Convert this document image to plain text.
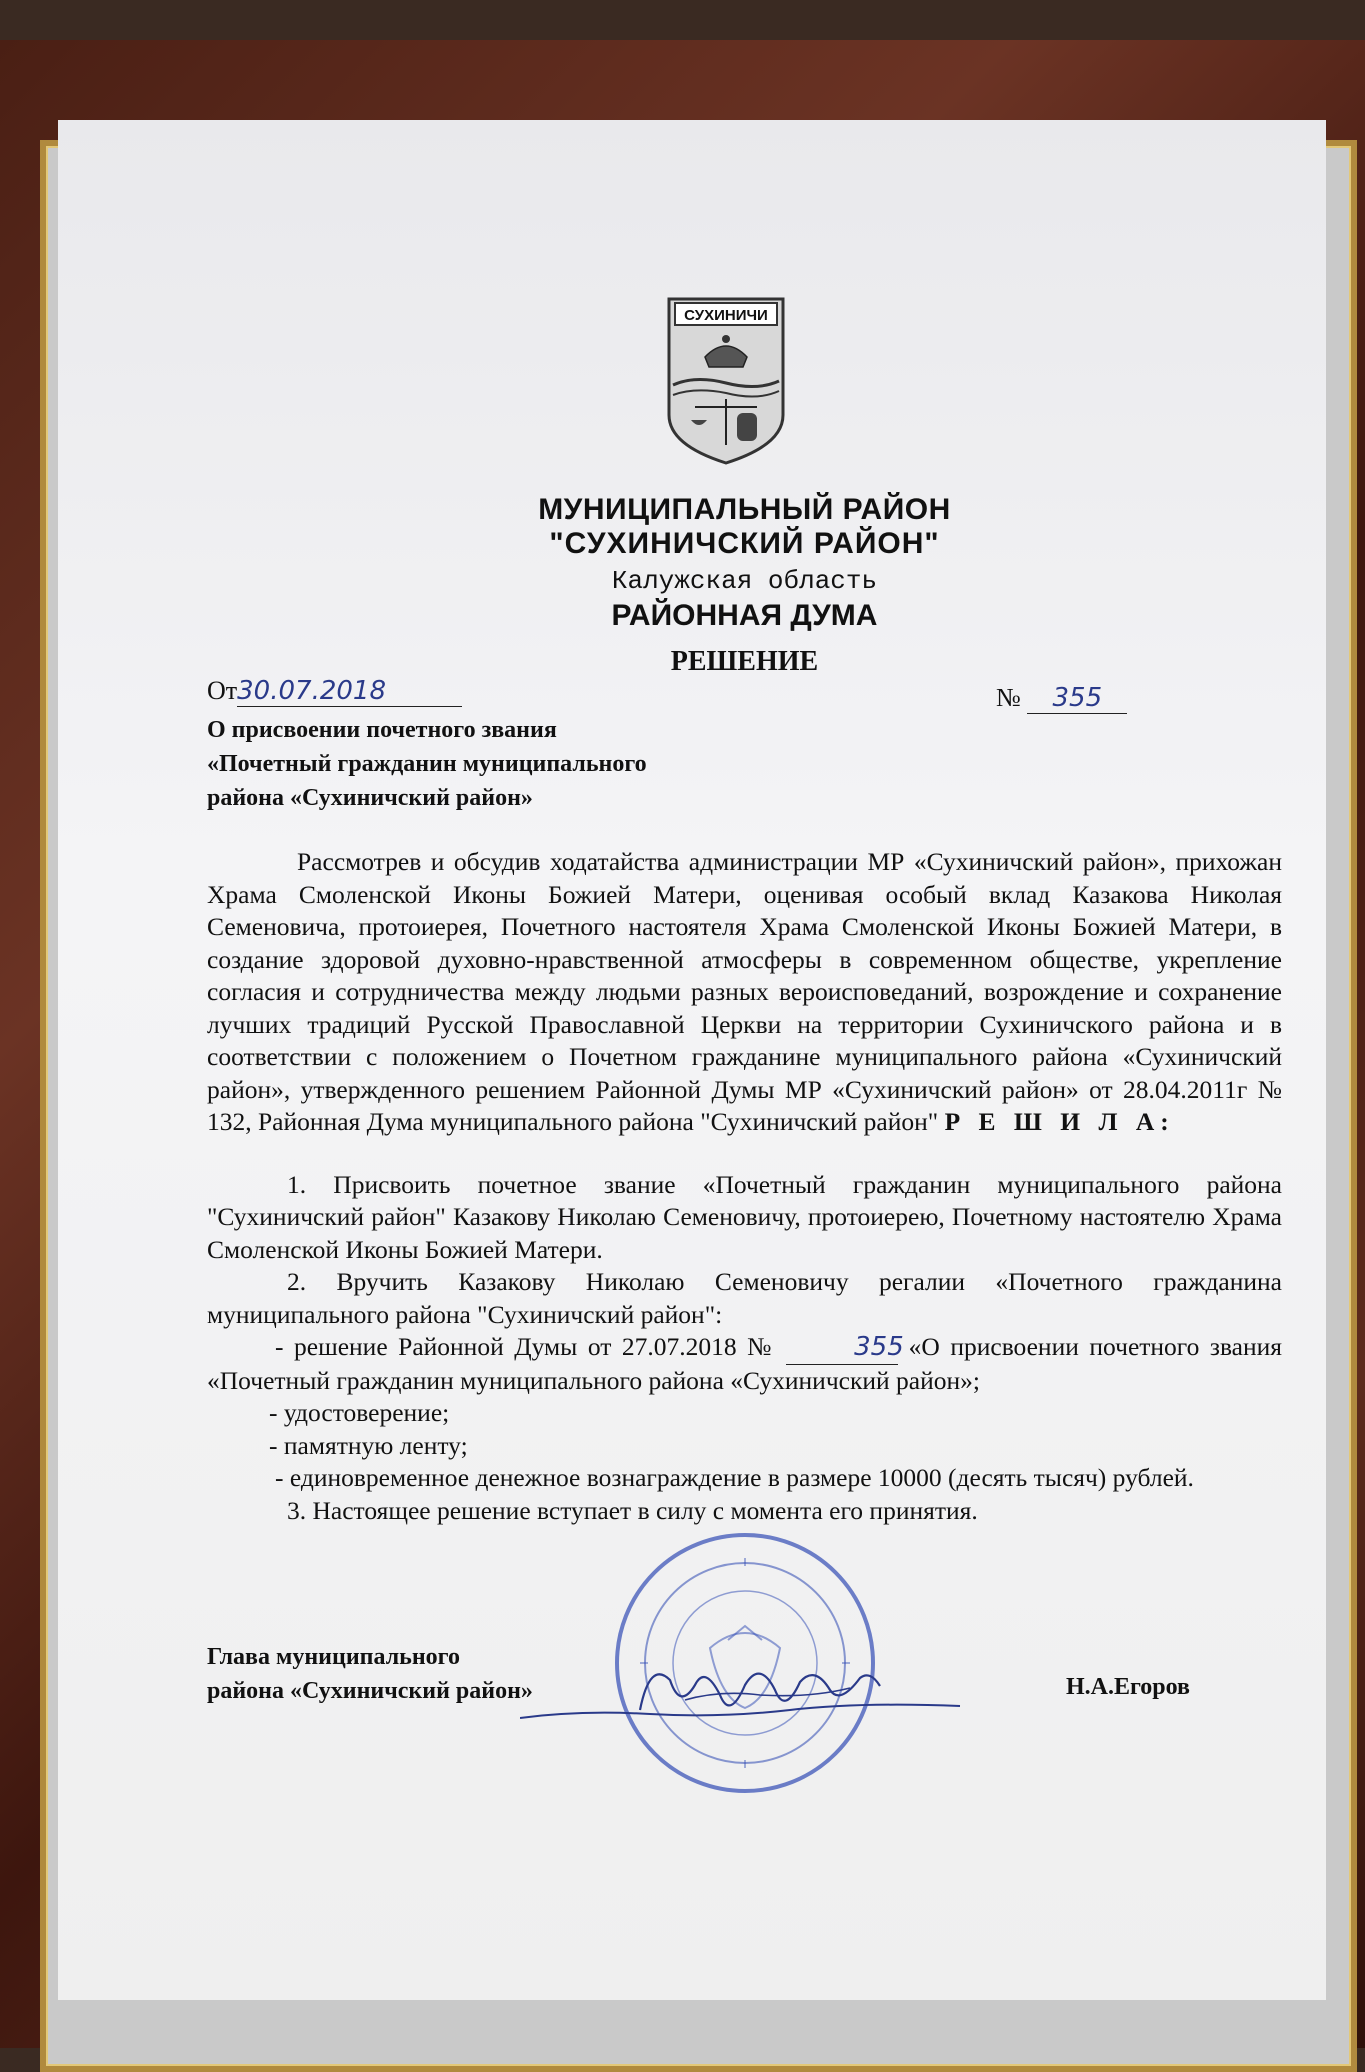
СУХИНИЧИ
МУНИЦИПАЛЬНЫЙ РАЙОН
"СУХИНИЧСКИЙ РАЙОН"
Калужская область
РАЙОННАЯ ДУМА
РЕШЕНИЕ
От30.07.2018	№ 355
О присвоении почетного звания
«Почетный гражданин муниципального
района «Сухиничский район»

Рассмотрев и обсудив ходатайства администрации МР «Сухиничский район», прихожан Храма Смоленской Иконы Божией Матери, оценивая особый вклад Казакова Николая Семеновича, протоиерея, Почетного настоятеля Храма Смоленской Иконы Божией Матери, в создание здоровой духовно-нравственной атмосферы в современном обществе, укрепление согласия и сотрудничества между людьми разных вероисповеданий, возрождение и сохранение лучших традиций Русской Православной Церкви на территории Сухиничского района и в соответствии с положением о Почетном гражданине муниципального района «Сухиничский район», утвержденного решением Районной Думы МР «Сухиничский район» от 28.04.2011г № 132, Районная Дума муниципального района "Сухиничский район" Р Е Ш И Л А:

1. Присвоить почетное звание «Почетный гражданин муниципального района "Сухиничский район" Казакову Николаю Семеновичу, протоиерею, Почетному настоятелю Храма Смоленской Иконы Божией Матери.

2. Вручить Казакову Николаю Семеновичу регалии «Почетного гражданина муниципального района "Сухиничский район":

- решение Районной Думы от 27.07.2018 №	355 «О присвоении почетного звания «Почетный гражданин муниципального района «Сухиничский район»;

- удостоверение;

- памятную ленту;

- единовременное денежное вознаграждение в размере 10000 (десять тысяч) рублей.

3. Настоящее решение вступает в силу с момента его принятия.

Глава муниципального
района «Сухиничский район»	Н.А.Егоров
